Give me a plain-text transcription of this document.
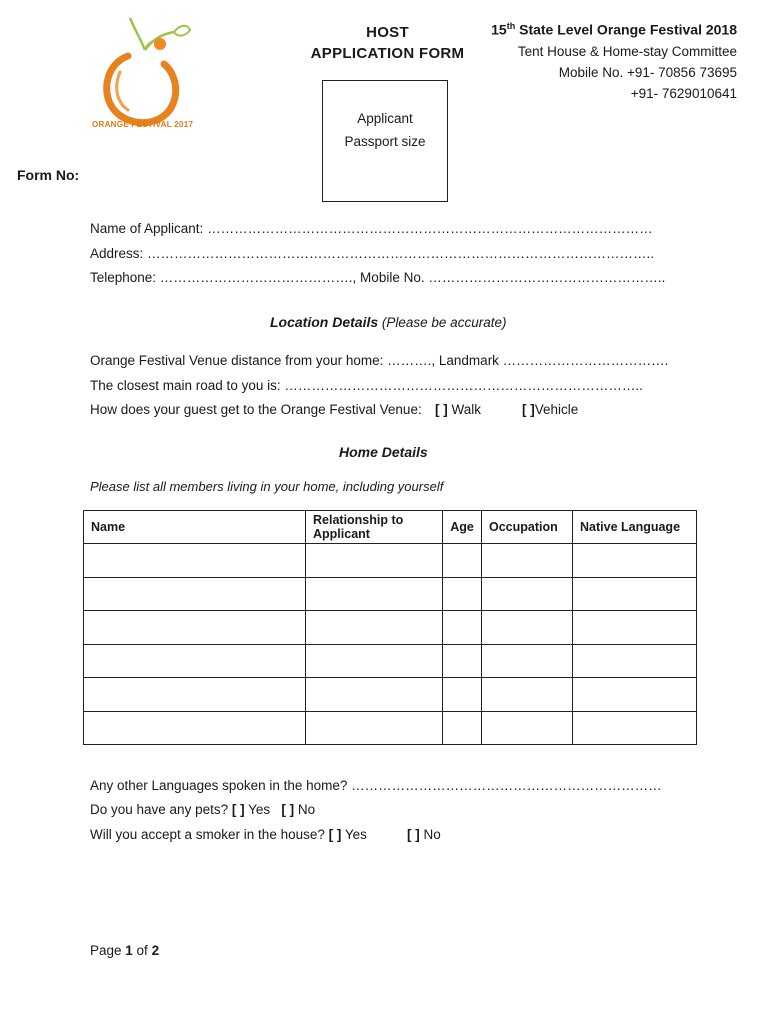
ORANGE FESTIVAL 2017
HOST
APPLICATION FORM
15th State Level Orange Festival 2018
Tent House & Home-stay Committee
Mobile No. +91- 70856 73695
+91- 7629010641
Applicant
Passport size
Form No:
Name of Applicant: ………………………………………………………………………………………
Address: …………………………………………………………………………………………………..
Telephone: ……………………………………., Mobile No. ……………………………………………..
Location Details (Please be accurate)
Orange Festival Venue distance from your home: ………., Landmark ……………………………….
The closest main road to you is: ……………………………………………………………………..
How does your guest get to the Orange Festival Venue: [ ] Walk	[ ]Vehicle
Home Details
Please list all members living in your home, including yourself
Name	Relationship to Applicant	Age	Occupation	Native Language

Any other Languages spoken in the home? ……………………………………………………………
Do you have any pets? [ ] Yes [ ] No
Will you accept a smoker in the house? [ ] Yes	[ ] No
Page 1 of 2
